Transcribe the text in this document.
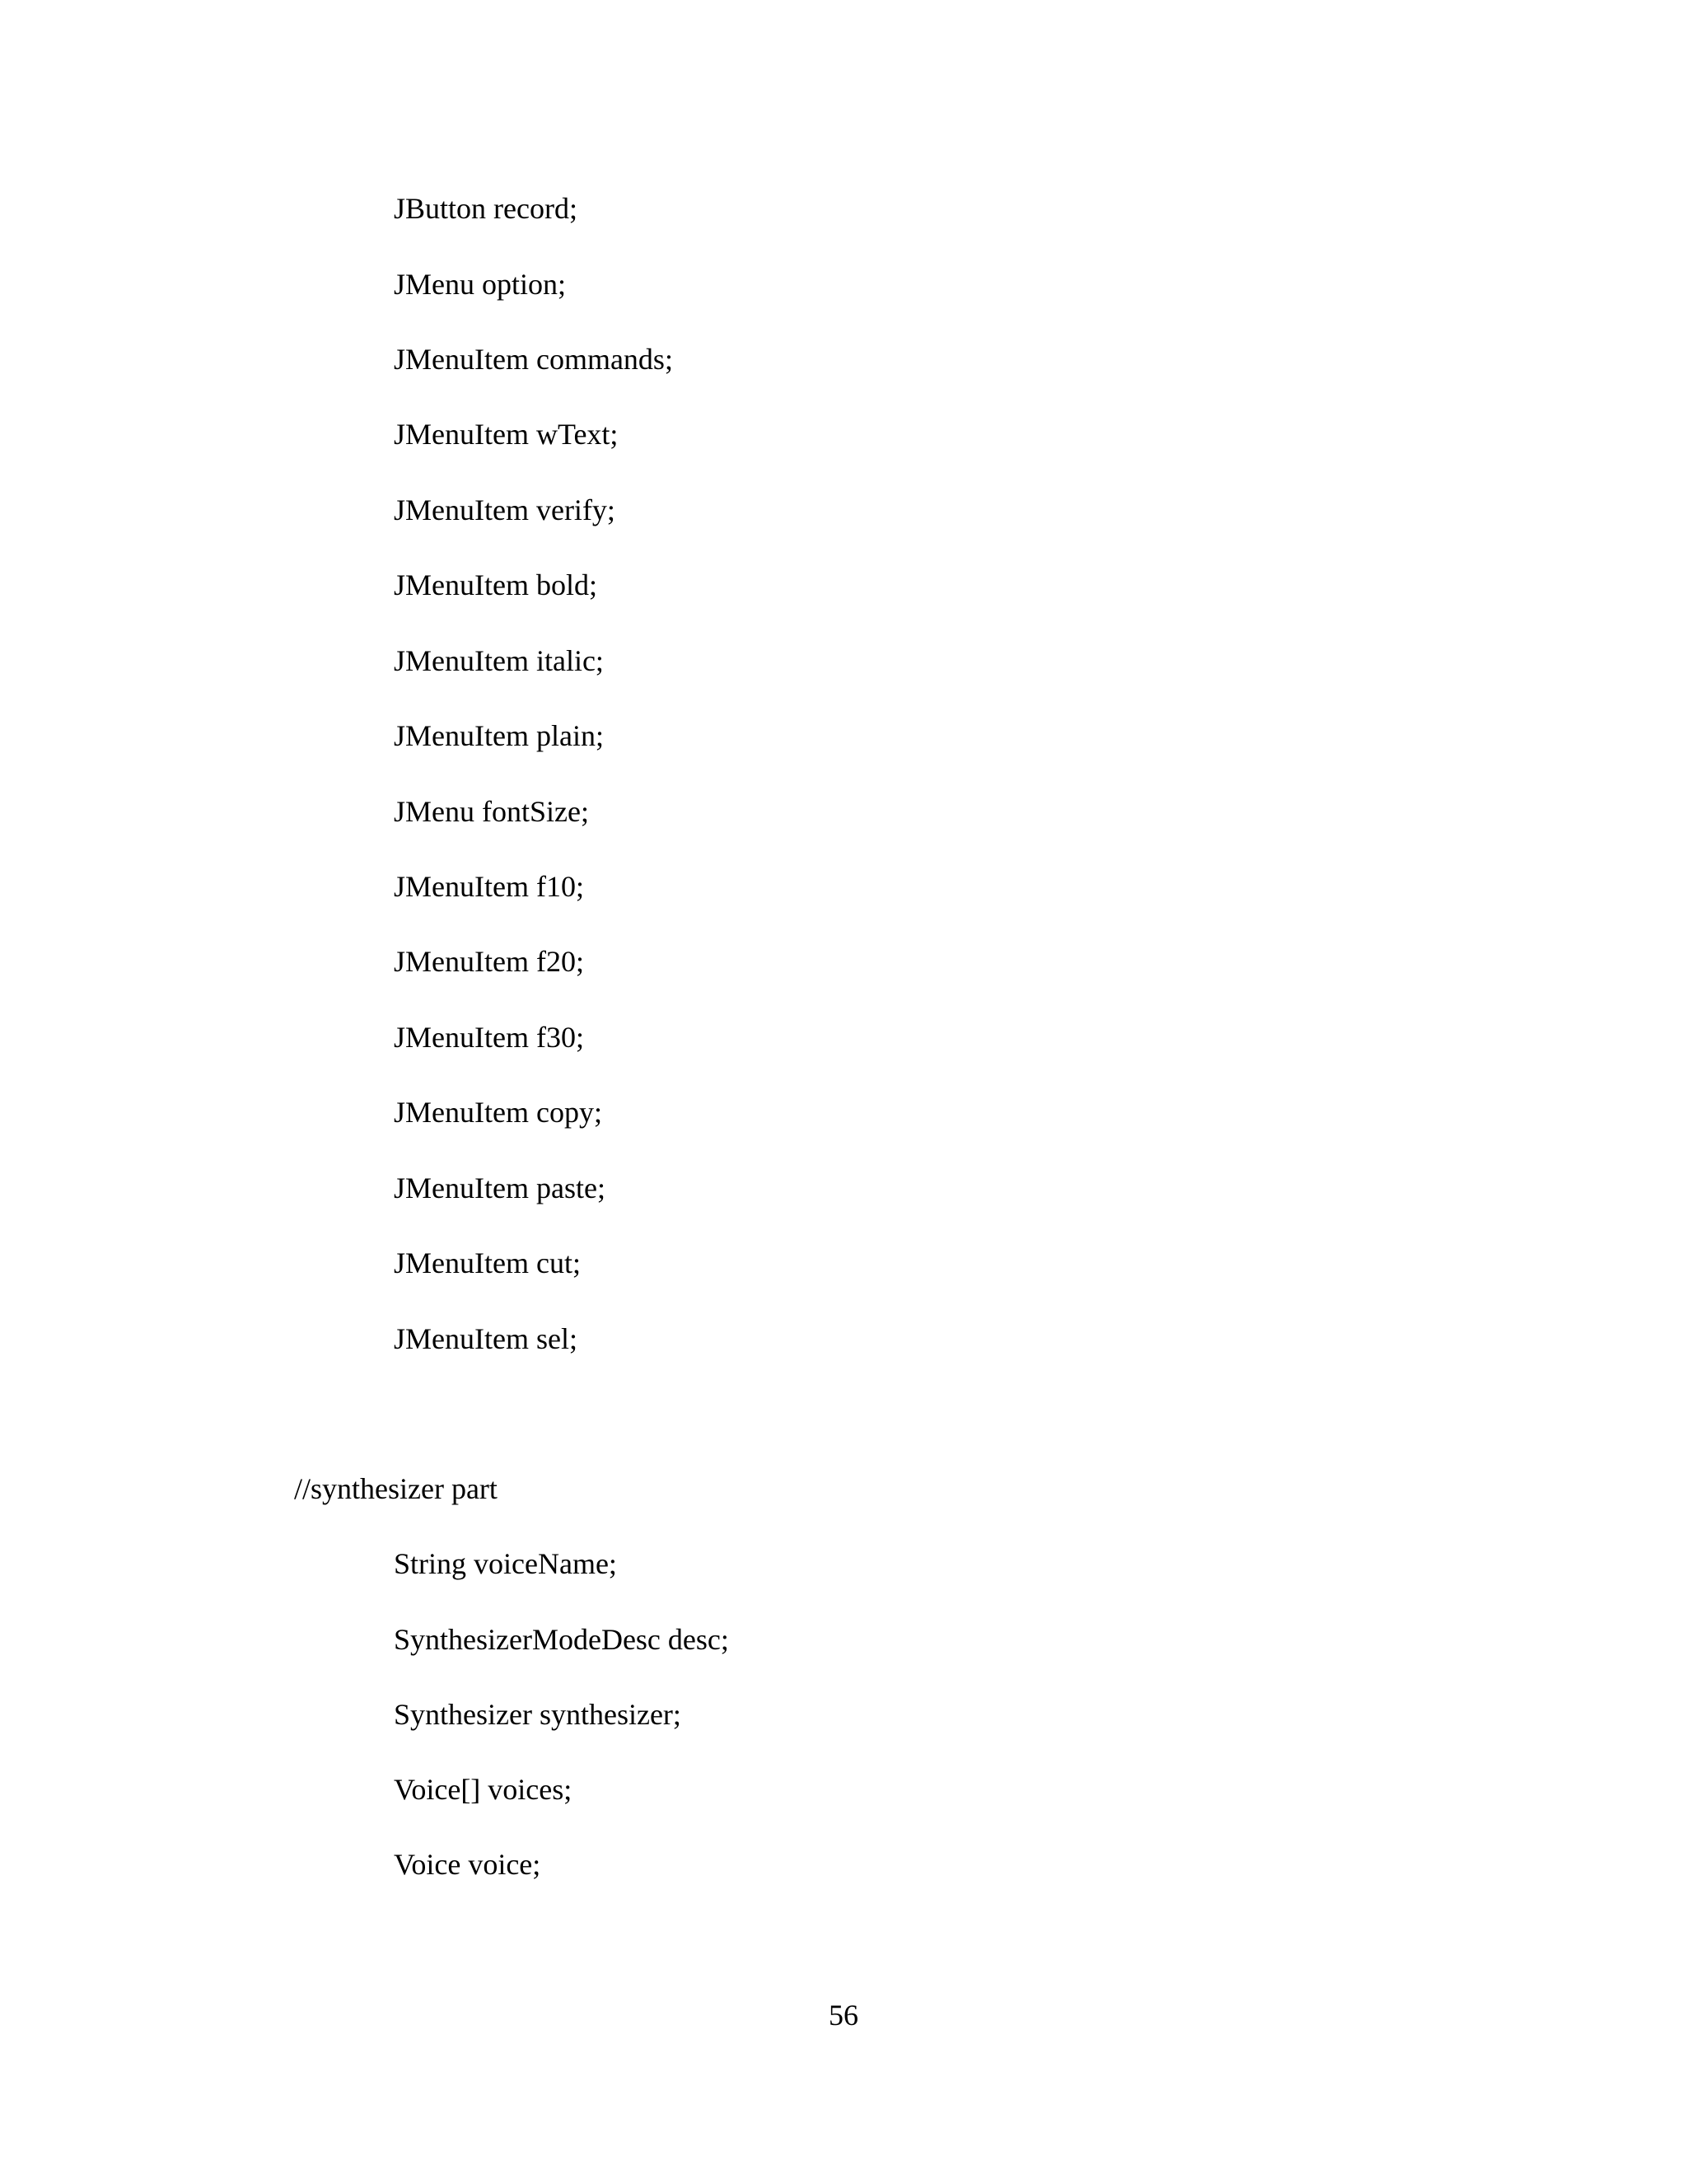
JButton record;
JMenu option;
JMenuItem commands;
JMenuItem wText;
JMenuItem verify;
JMenuItem bold;
JMenuItem italic;
JMenuItem plain;
JMenu fontSize;
JMenuItem f10;
JMenuItem f20;
JMenuItem f30;
JMenuItem copy;
JMenuItem paste;
JMenuItem cut;
JMenuItem sel;
//synthesizer part
String voiceName;
SynthesizerModeDesc desc;
Synthesizer synthesizer;
Voice[] voices;
Voice voice;
56
